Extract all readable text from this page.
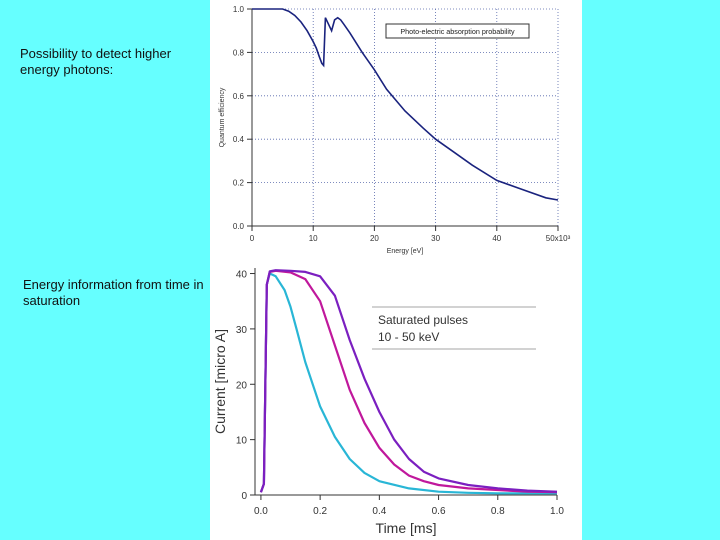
Possibility to detect higher energy photons:
Energy information from time in saturation
0.0
0.2
0.4
0.6
0.8
1.0
0	10	20	30	40	50x10³
Energy [eV]
Quantum efficiency
Photo-electric absorption probability
0
10
20
30
40
0.0	0.2	0.4	0.6	0.8	1.0
Time [ms]
Current [micro A]
Saturated pulses
10 - 50 keV
